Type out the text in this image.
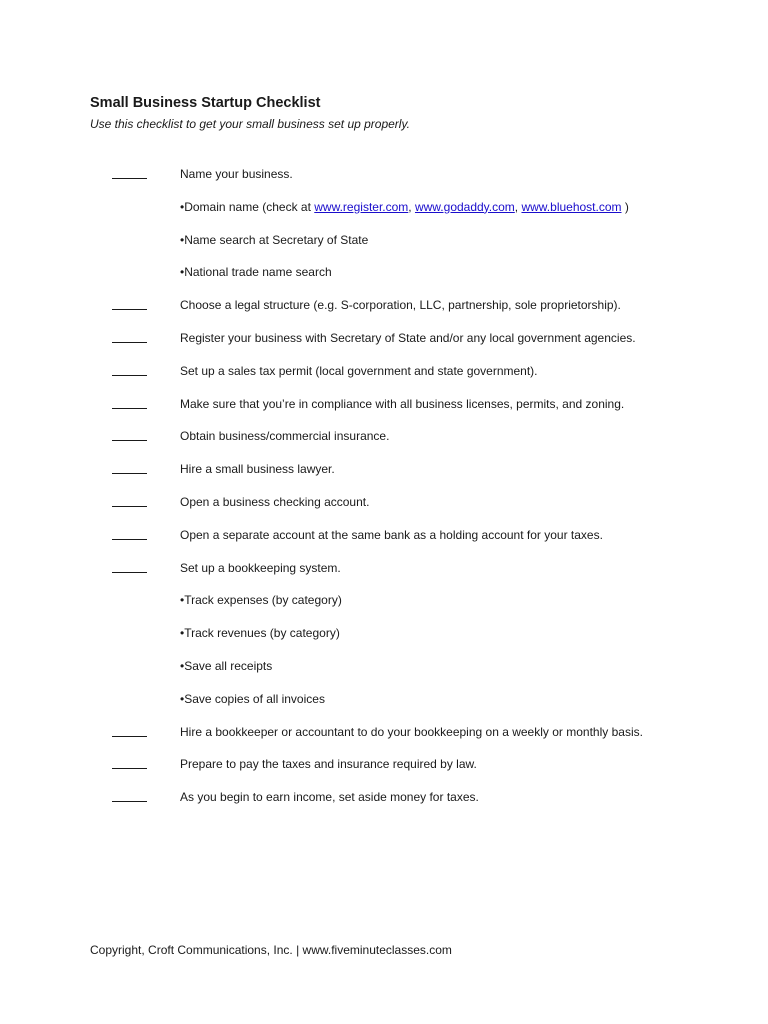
Small Business Startup Checklist
Use this checklist to get your small business set up properly.
Name your business.
•Domain name (check at www.register.com, www.godaddy.com, www.bluehost.com )
•Name search at Secretary of State
•National trade name search
Choose a legal structure (e.g. S-corporation, LLC, partnership, sole proprietorship).
Register your business with Secretary of State and/or any local government agencies.
Set up a sales tax permit (local government and state government).
Make sure that you’re in compliance with all business licenses, permits, and zoning.
Obtain business/commercial insurance.
Hire a small business lawyer.
Open a business checking account.
Open a separate account at the same bank as a holding account for your taxes.
Set up a bookkeeping system.
•Track expenses (by category)
•Track revenues (by category)
•Save all receipts
•Save copies of all invoices
Hire a bookkeeper or accountant to do your bookkeeping on a weekly or monthly basis.
Prepare to pay the taxes and insurance required by law.
As you begin to earn income, set aside money for taxes.
Copyright, Croft Communications, Inc. | www.fiveminuteclasses.com
